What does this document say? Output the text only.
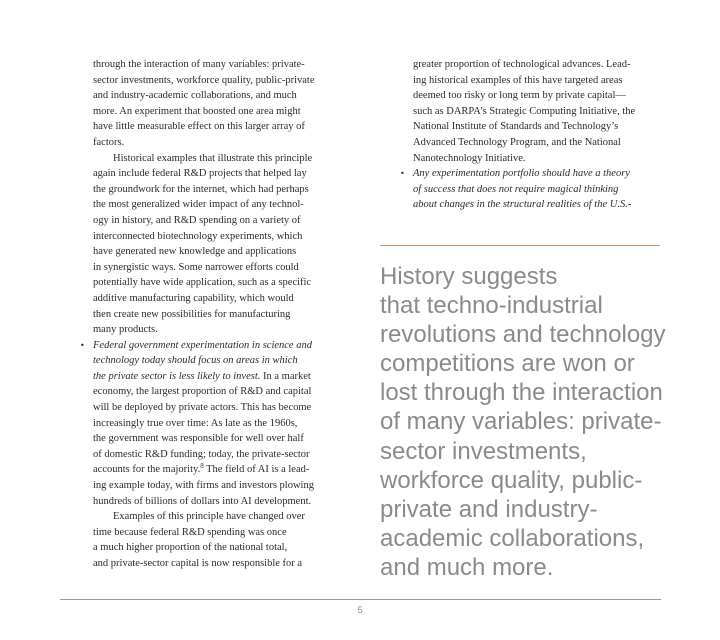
through the interaction of many variables: private-
sector investments, workforce quality, public-private
and industry-academic collaborations, and much
more. An experiment that boosted one area might
have little measurable effect on this larger array of
factors.
Historical examples that illustrate this principle
again include federal R&D projects that helped lay
the groundwork for the internet, which had perhaps
the most generalized wider impact of any technol-
ogy in history, and R&D spending on a variety of
interconnected biotechnology experiments, which
have generated new knowledge and applications
in synergistic ways. Some narrower efforts could
potentially have wide application, such as a specific
additive manufacturing capability, which would
then create new possibilities for manufacturing
many products.
• Federal government experimentation in science and
technology today should focus on areas in which
the private sector is less likely to invest. In a market
economy, the largest proportion of R&D and capital
will be deployed by private actors. This has become
increasingly true over time: As late as the 1960s,
the government was responsible for well over half
of domestic R&D funding; today, the private-sector
accounts for the majority.$^8$ The field of AI is a lead-
ing example today, with firms and investors plowing
hundreds of billions of dollars into AI development.
Examples of this principle have changed over
time because federal R&D spending was once
a much higher proportion of the national total,
and private-sector capital is now responsible for a
greater proportion of technological advances. Lead-
ing historical examples of this have targeted areas
deemed too risky or long term by private capital—
such as DARPA’s Strategic Computing Initiative, the
National Institute of Standards and Technology’s
Advanced Technology Program, and the National
Nanotechnology Initiative.
• Any experimentation portfolio should have a theory
of success that does not require magical thinking
about changes in the structural realities of the U.S.-
History suggests
that techno-industrial
revolutions and technology
competitions are won or
lost through the interaction
of many variables: private-
sector investments,
workforce quality, public-
private and industry-
academic collaborations,
and much more.
5
